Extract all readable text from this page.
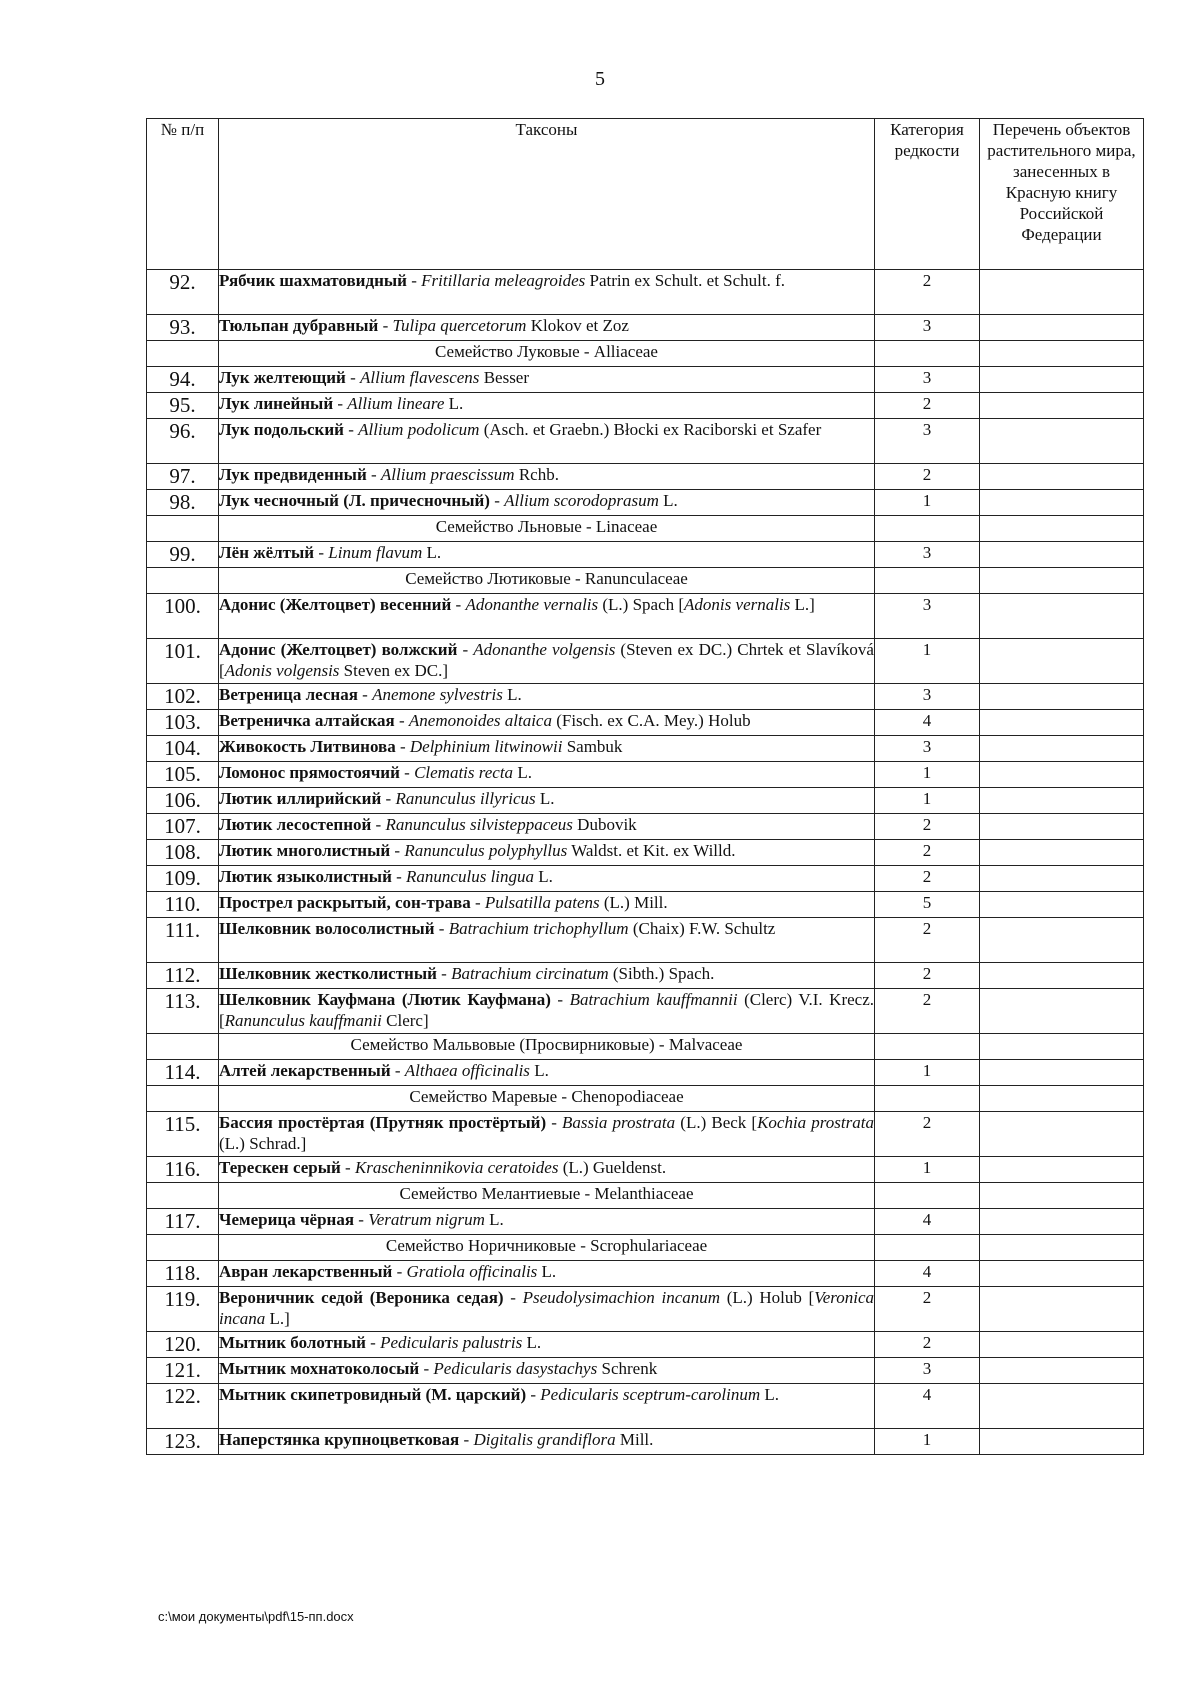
5
№ п/п	Таксоны	Категория редкости	Перечень объектов растительного мира, занесенных в Красную книгу Российской Федерации
92.	Рябчик шахматовидный - Fritillaria meleagroides Patrin ex Schult. et Schult. f.	2	
93.	Тюльпан дубравный - Tulipa quercetorum Klokov et Zoz	3	
	Семейство Луковые - Alliaceae		
94.	Лук желтеющий - Allium flavescens Besser	3	
95.	Лук линейный - Allium lineare L.	2	
96.	Лук подольский - Allium podolicum (Asch. et Graebn.) Błocki ex Raciborski et Szafer	3	
97.	Лук предвиденный - Allium praescissum Rchb.	2	
98.	Лук чесночный (Л. причесночный) - Allium scorodoprasum L.	1	
	Семейство Льновые - Linaceae		
99.	Лён жёлтый - Linum flavum L.	3	
	Семейство Лютиковые - Ranunculaceae		
100.	Адонис (Желтоцвет) весенний - Adonanthe vernalis (L.) Spach [Adonis vernalis L.]	3	
101.	Адонис (Желтоцвет) волжский - Adonanthe volgensis (Steven ex DC.) Chrtek et Slavíková [Adonis volgensis Steven ex DC.]	1	
102.	Ветреница лесная - Anemone sylvestris L.	3	
103.	Ветреничка алтайская - Anemonoides altaica (Fisch. ex C.A. Mey.) Holub	4	
104.	Живокость Литвинова - Delphinium litwinowii Sambuk	3	
105.	Ломонос прямостоячий - Clematis recta L.	1	
106.	Лютик иллирийский - Ranunculus illyricus L.	1	
107.	Лютик лесостепной - Ranunculus silvisteppaceus Dubovik	2	
108.	Лютик многолистный - Ranunculus polyphyllus Waldst. et Kit. ex Willd.	2	
109.	Лютик языколистный - Ranunculus lingua L.	2	
110.	Прострел раскрытый, сон-трава - Pulsatilla patens (L.) Mill.	5	
111.	Шелковник волосолистный - Batrachium trichophyllum (Chaix) F.W. Schultz	2	
112.	Шелковник жестколистный - Batrachium circinatum (Sibth.) Spach.	2	
113.	Шелковник Кауфмана (Лютик Кауфмана) - Batrachium kauffmannii (Clerc) V.I. Krecz. [Ranunculus kauffmanii Clerc]	2	
	Семейство Мальвовые (Просвирниковые) - Malvaceae		
114.	Алтей лекарственный - Althaea officinalis L.	1	
	Семейство Маревые - Chenopodiaceae		
115.	Бассия простёртая (Прутняк простёртый) - Bassia prostrata (L.) Beck [Kochia prostrata (L.) Schrad.]	2	
116.	Терескен серый - Krascheninnikovia ceratoides (L.) Gueldenst.	1	
	Семейство Мелантиевые - Melanthiaceae		
117.	Чемерица чёрная - Veratrum nigrum L.	4	
	Семейство Норичниковые - Scrophulariaceae		
118.	Авран лекарственный - Gratiola officinalis L.	4	
119.	Вероничник седой (Вероника седая) - Pseudolysimachion incanum (L.) Holub [Veronica incana L.]	2	
120.	Мытник болотный - Pedicularis palustris L.	2	
121.	Мытник мохнатоколосый - Pedicularis dasystachys Schrenk	3	
122.	Мытник скипетровидный (М. царский) - Pedicularis sceptrum-carolinum L.	4	
123.	Наперстянка крупноцветковая - Digitalis grandiflora Mill.	1	
c:\мои документы\pdf\15-пп.docx
